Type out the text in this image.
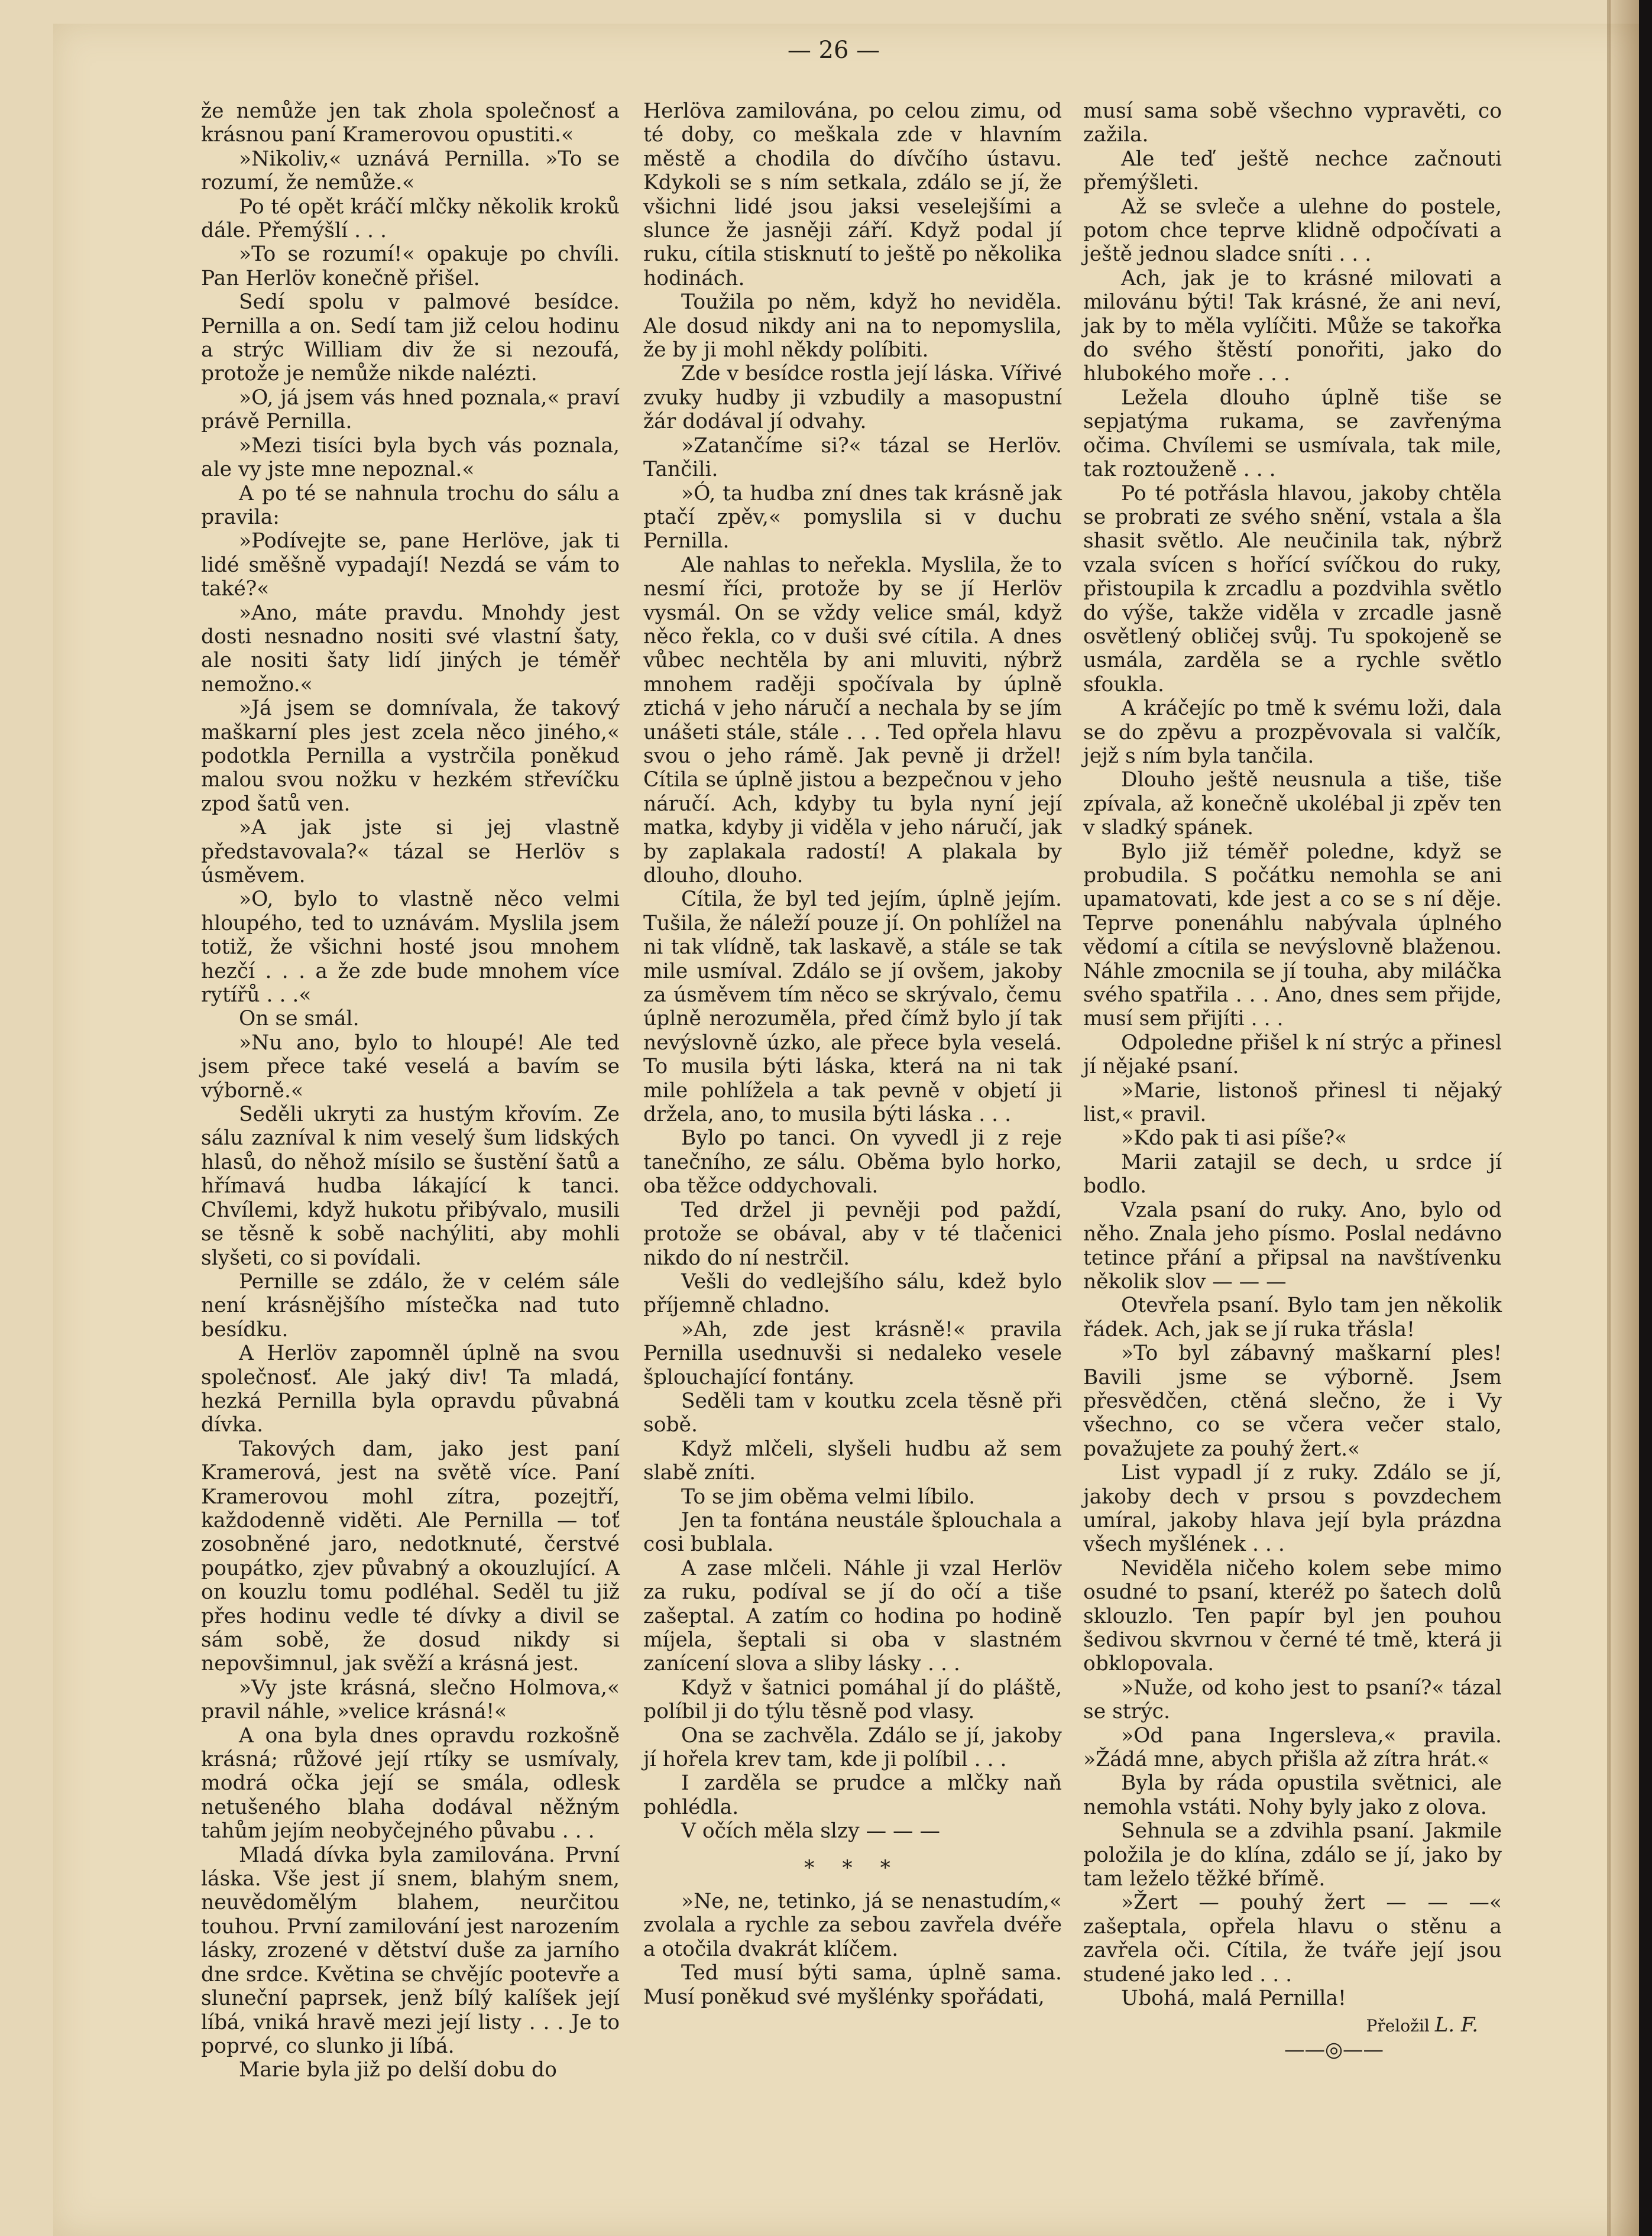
— 26 —

že nemůže jen tak zhola společnosť a krásnou paní Kramerovou opustiti.«

»Nikoliv,« uznává Pernilla. »To se rozumí, že nemůže.«

Po té opět kráčí mlčky několik kroků dále. Přemýšlí . . .

»To se rozumí!« opakuje po chvíli. Pan Herlöv konečně přišel.

Sedí spolu v palmové besídce. Pernilla a on. Sedí tam již celou hodinu a strýc William div že si nezoufá, protože je nemůže nikde nalézti.

»O, já jsem vás hned poznala,« praví právě Pernilla.

»Mezi tisíci byla bych vás poznala, ale vy jste mne nepoznal.«

A po té se nahnula trochu do sálu a pravila:

»Podívejte se, pane Herlöve, jak ti lidé směšně vypadají! Nezdá se vám to také?«

»Ano, máte pravdu. Mnohdy jest dosti nesnadno nositi své vlastní šaty, ale nositi šaty lidí jiných je téměř nemožno.«

»Já jsem se domnívala, že takový maškarní ples jest zcela něco jiného,« podotkla Pernilla a vystrčila poněkud malou svou nožku v hezkém střevíčku zpod šatů ven.

»A jak jste si jej vlastně představovala?« tázal se Herlöv s úsměvem.

»O, bylo to vlastně něco velmi hloupého, ted to uznávám. Myslila jsem totiž, že všichni hosté jsou mnohem hezčí . . . a že zde bude mnohem více rytířů . . .«

On se smál.

»Nu ano, bylo to hloupé! Ale ted jsem přece také veselá a bavím se výborně.«

Seděli ukryti za hustým křovím. Ze sálu zazníval k nim veselý šum lidských hlasů, do něhož mísilo se šustění šatů a hřímavá hudba lákající k tanci. Chvílemi, když hukotu přibývalo, musili se těsně k sobě nachýliti, aby mohli slyšeti, co si povídali.

Pernille se zdálo, že v celém sále není krásnějšího místečka nad tuto besídku.

A Herlöv zapomněl úplně na svou společnosť. Ale jaký div! Ta mladá, hezká Pernilla byla opravdu půvabná dívka.

Takových dam, jako jest paní Kramerová, jest na světě více. Paní Kramerovou mohl zítra, pozejtří, každodenně viděti. Ale Pernilla — toť zosobněné jaro, nedotknuté, čerstvé poupátko, zjev půvabný a okouzlující. A on kouzlu tomu podléhal. Seděl tu již přes hodinu vedle té dívky a divil se sám sobě, že dosud nikdy si nepovšimnul, jak svěží a krásná jest.

»Vy jste krásná, slečno Holmova,« pravil náhle, »velice krásná!«

A ona byla dnes opravdu rozkošně krásná; růžové její rtíky se usmívaly, modrá očka její se smála, odlesk netušeného blaha dodával něžným tahům jejím neobyčejného půvabu . . .

Mladá dívka byla zamilována. První láska. Vše jest jí snem, blahým snem, neuvědomělým blahem, neurčitou touhou. První zamilování jest narozením lásky, zrozené v dětství duše za jarního dne srdce. Květina se chvějíc pootevře a sluneční paprsek, jenž bílý kalíšek její líbá, vniká hravě mezi její listy . . . Je to poprvé, co slunko ji líbá.

Marie byla již po delší dobu do

Herlöva zamilována, po celou zimu, od té doby, co meškala zde v hlavním městě a chodila do dívčího ústavu. Kdykoli se s ním setkala, zdálo se jí, že všichni lidé jsou jaksi veselejšími a slunce že jasněji září. Když podal jí ruku, cítila stisknutí to ještě po několika hodinách.

Toužila po něm, když ho neviděla. Ale dosud nikdy ani na to nepomyslila, že by ji mohl někdy políbiti.

Zde v besídce rostla její láska. Vířivé zvuky hudby ji vzbudily a masopustní žár dodával jí odvahy.

»Zatančíme si?« tázal se Herlöv. Tančili.

»Ó, ta hudba zní dnes tak krásně jak ptačí zpěv,« pomyslila si v duchu Pernilla.

Ale nahlas to neřekla. Myslila, že to nesmí říci, protože by se jí Herlöv vysmál. On se vždy velice smál, když něco řekla, co v duši své cítila. A dnes vůbec nechtěla by ani mluviti, nýbrž mnohem raději spočívala by úplně ztichá v jeho náručí a nechala by se jím unášeti stále, stále . . . Ted opřela hlavu svou o jeho rámě. Jak pevně ji držel! Cítila se úplně jistou a bezpečnou v jeho náručí. Ach, kdyby tu byla nyní její matka, kdyby ji viděla v jeho náručí, jak by zaplakala radostí! A plakala by dlouho, dlouho.

Cítila, že byl ted jejím, úplně jejím. Tušila, že náleží pouze jí. On pohlížel na ni tak vlídně, tak laskavě, a stále se tak mile usmíval. Zdálo se jí ovšem, jakoby za úsměvem tím něco se skrývalo, čemu úplně nerozuměla, před čímž bylo jí tak nevýslovně úzko, ale přece byla veselá. To musila býti láska, která na ni tak mile pohlížela a tak pevně v objetí ji držela, ano, to musila býti láska . . .

Bylo po tanci. On vyvedl ji z reje tanečního, ze sálu. Oběma bylo horko, oba těžce oddychovali.

Ted držel ji pevněji pod paždí, protože se obával, aby v té tlačenici nikdo do ní nestrčil.

Vešli do vedlejšího sálu, kdež bylo příjemně chladno.

»Ah, zde jest krásně!« pravila Pernilla usednuvši si nedaleko vesele šplouchající fontány.

Seděli tam v koutku zcela těsně při sobě.

Když mlčeli, slyšeli hudbu až sem slabě zníti.

To se jim oběma velmi líbilo.

Jen ta fontána neustále šplouchala a cosi bublala.

A zase mlčeli. Náhle ji vzal Herlöv za ruku, podíval se jí do očí a tiše zašeptal. A zatím co hodina po hodině míjela, šeptali si oba v slastném zanícení slova a sliby lásky . . .

Když v šatnici pomáhal jí do pláště, políbil ji do týlu těsně pod vlasy.

Ona se zachvěla. Zdálo se jí, jakoby jí hořela krev tam, kde ji políbil . . .

I zarděla se prudce a mlčky naň pohlédla.

V očích měla slzy — — —

* * *

»Ne, ne, tetinko, já se nenastudím,« zvolala a rychle za sebou zavřela dvéře a otočila dvakrát klíčem.

Ted musí býti sama, úplně sama. Musí poněkud své myšlénky spořádati,

musí sama sobě všechno vypravěti, co zažila.

Ale teď ještě nechce začnouti přemýšleti.

Až se svleče a ulehne do postele, potom chce teprve klidně odpočívati a ještě jednou sladce sníti . . .

Ach, jak je to krásné milovati a milovánu býti! Tak krásné, že ani neví, jak by to měla vylíčiti. Může se takořka do svého štěstí ponořiti, jako do hlubokého moře . . .

Ležela dlouho úplně tiše se sepjatýma rukama, se zavřenýma očima. Chvílemi se usmívala, tak mile, tak roztouženě . . .

Po té potřásla hlavou, jakoby chtěla se probrati ze svého snění, vstala a šla shasit světlo. Ale neučinila tak, nýbrž vzala svícen s hořící svíčkou do ruky, přistoupila k zrcadlu a pozdvihla světlo do výše, takže viděla v zrcadle jasně osvětlený obličej svůj. Tu spokojeně se usmála, zarděla se a rychle světlo sfoukla.

A kráčejíc po tmě k svému loži, dala se do zpěvu a prozpěvovala si valčík, jejž s ním byla tančila.

Dlouho ještě neusnula a tiše, tiše zpívala, až konečně ukolébal ji zpěv ten v sladký spánek.

Bylo již téměř poledne, když se probudila. S počátku nemohla se ani upamatovati, kde jest a co se s ní děje. Teprve ponenáhlu nabývala úplného vědomí a cítila se nevýslovně blaženou. Náhle zmocnila se jí touha, aby miláčka svého spatřila . . . Ano, dnes sem přijde, musí sem přijíti . . .

Odpoledne přišel k ní strýc a přinesl jí nějaké psaní.

»Marie, listonoš přinesl ti nějaký list,« pravil.

»Kdo pak ti asi píše?«

Marii zatajil se dech, u srdce jí bodlo.

Vzala psaní do ruky. Ano, bylo od něho. Znala jeho písmo. Poslal nedávno tetince přání a připsal na navštívenku několik slov — — —

Otevřela psaní. Bylo tam jen několik řádek. Ach, jak se jí ruka třásla!

»To byl zábavný maškarní ples! Bavili jsme se výborně. Jsem přesvědčen, ctěná slečno, že i Vy všechno, co se včera večer stalo, považujete za pouhý žert.«

List vypadl jí z ruky. Zdálo se jí, jakoby dech v prsou s povzdechem umíral, jakoby hlava její byla prázdna všech myšlének . . .

Neviděla ničeho kolem sebe mimo osudné to psaní, kteréž po šatech dolů sklouzlo. Ten papír byl jen pouhou šedivou skvrnou v černé té tmě, která ji obklopovala.

»Nuže, od koho jest to psaní?« tázal se strýc.

»Od pana Ingersleva,« pravila. »Žádá mne, abych přišla až zítra hrát.«

Byla by ráda opustila světnici, ale nemohla vstáti. Nohy byly jako z olova.

Sehnula se a zdvihla psaní. Jakmile položila je do klína, zdálo se jí, jako by tam leželo těžké břímě.

»Žert — pouhý žert — — —« zašeptala, opřela hlavu o stěnu a zavřela oči. Cítila, že tváře její jsou studené jako led . . .

Ubohá, malá Pernilla!

Přeložil L. F.

——◎——
